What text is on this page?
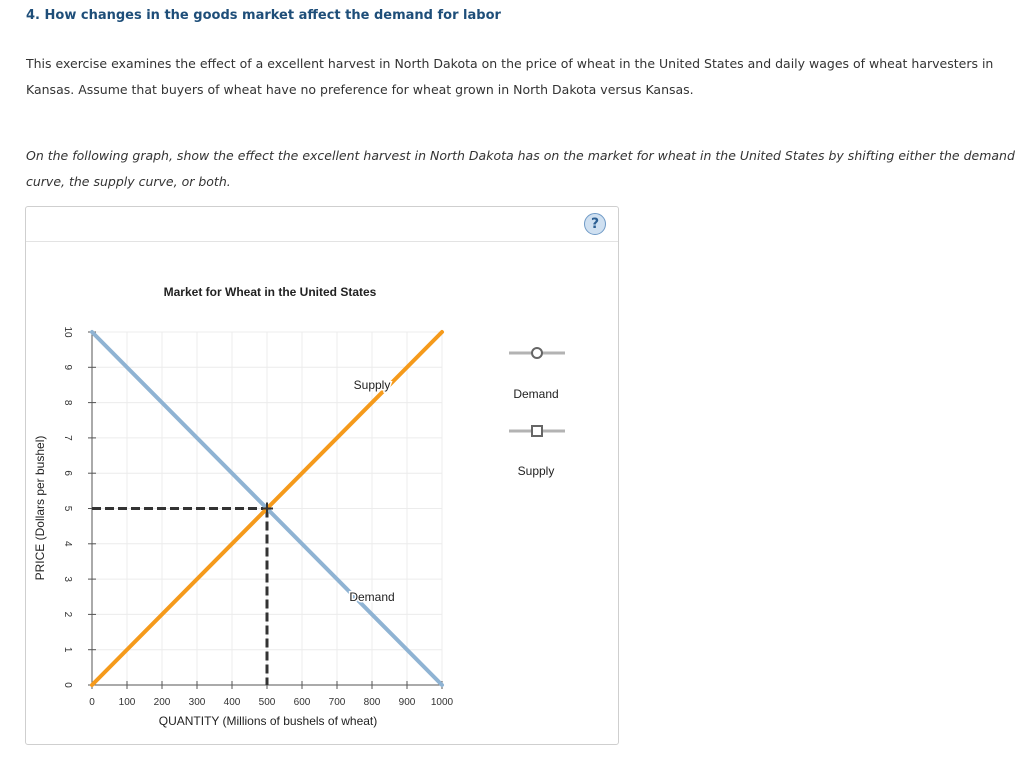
4. How changes in the goods market affect the demand for labor

This exercise examines the effect of a excellent harvest in North Dakota on the price of wheat in the United States and daily wages of wheat harvesters in Kansas. Assume that buyers of wheat have no preference for wheat grown in North Dakota versus Kansas.

On the following graph, show the effect the excellent harvest in North Dakota has on the market for wheat in the United States by shifting either the demand curve, the supply curve, or both.

?
0 100 200 300 400 500 600 700 800 900 1000
0
1
2
3
4
5
6
7
8
9
10
Market for Wheat in the United States
QUANTITY (Millions of bushels of wheat)
PRICE (Dollars per bushel)
Supply
Demand
Demand
Supply
